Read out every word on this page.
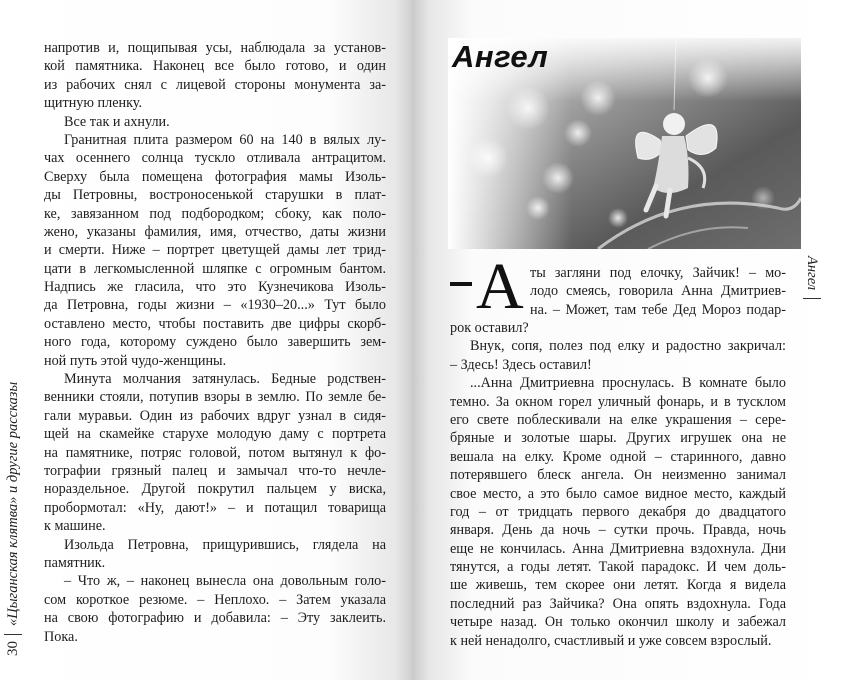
30
«Цыганская клятва» и другие рассказы
напротив и, пощипывая усы, наблюдала за установ-
кой памятника. Наконец все было готово, и один
из рабочих снял с лицевой стороны монумента за-
щитную пленку.
Все так и ахнули.
Гранитная плита размером 60 на 140 в вялых лу-
чах осеннего солнца тускло отливала антрацитом.
Сверху была помещена фотография мамы Изоль-
ды Петровны, востроносенькой старушки в плат-
ке, завязанном под подбородком; сбоку, как поло-
жено, указаны фамилия, имя, отчество, даты жизни
и смерти. Ниже – портрет цветущей дамы лет трид-
цати в легкомысленной шляпке с огромным бантом.
Надпись же гласила, что это Кузнечикова Изоль-
да Петровна, годы жизни – «1930–20...» Тут было
оставлено место, чтобы поставить две цифры скорб-
ного года, которому суждено было завершить зем-
ной путь этой чудо-женщины.
Минута молчания затянулась. Бедные родствен-
венники стояли, потупив взоры в землю. По земле бе-
гали муравьи. Один из рабочих вдруг узнал в сидя-
щей на скамейке старухе молодую даму с портрета
на памятнике, потряс головой, потом вытянул к фо-
тографии грязный палец и замычал что-то нечле-
нораздельное. Другой покрутил пальцем у виска,
пробормотал: «Ну, дают!» – и потащил товарища
к машине.
Изольда Петровна, прищурившись, глядела на
памятник.
– Что ж, – наконец вынесла она довольным голо-
сом короткое резюме. – Неплохо. – Затем указала
на свою фотографию и добавила: – Эту заклеить.
Пока.
Ангел
Ангел
А ты загляни под елочку, Зайчик! – мо-
лодо смеясь, говорила Анна Дмитриев-
на. – Может, там тебе Дед Мороз подар-
рок оставил?
Внук, сопя, полез под елку и радостно закричал:
– Здесь! Здесь оставил!
...Анна Дмитриевна проснулась. В комнате было
темно. За окном горел уличный фонарь, и в тусклом
его свете поблескивали на елке украшения – сере-
бряные и золотые шары. Других игрушек она не
вешала на елку. Кроме одной – старинного, давно
потерявшего блеск ангела. Он неизменно занимал
свое место, а это было самое видное место, каждый
год – от тридцать первого декабря до двадцатого
января. День да ночь – сутки прочь. Правда, ночь
еще не кончилась. Анна Дмитриевна вздохнула. Дни
тянутся, а годы летят. Такой парадокс. И чем доль-
ше живешь, тем скорее они летят. Когда я видела
последний раз Зайчика? Она опять вздохнула. Года
четыре назад. Он только окончил школу и забежал
к ней ненадолго, счастливый и уже совсем взрослый.
